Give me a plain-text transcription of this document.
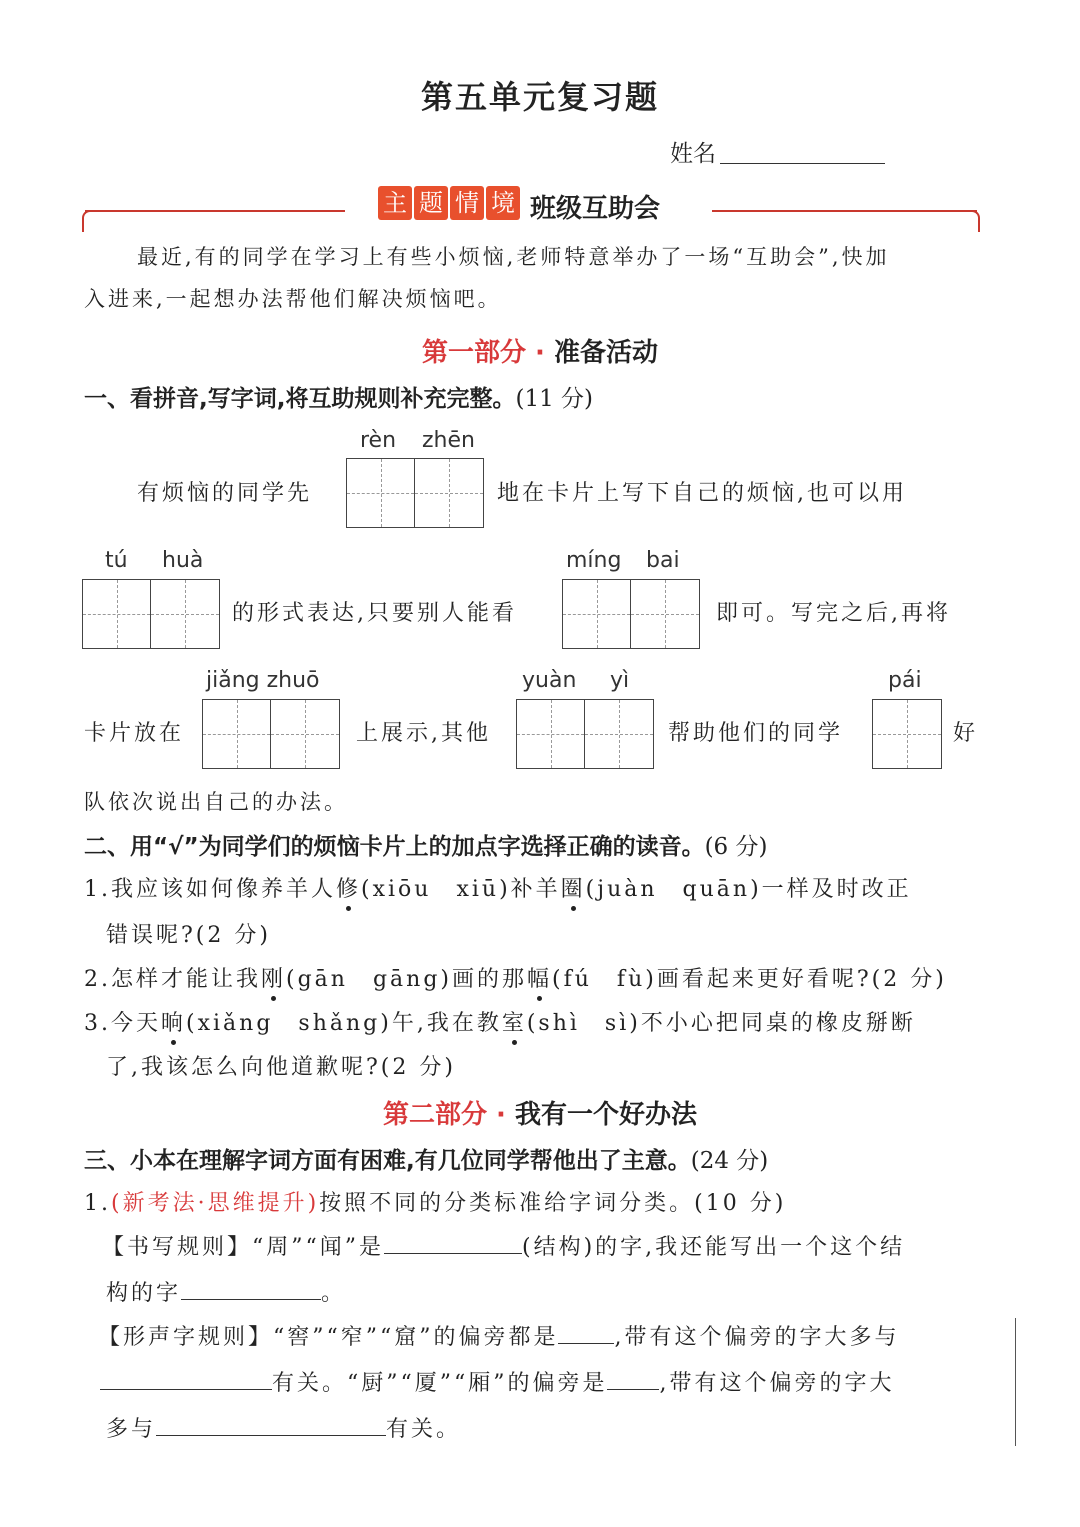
第五单元复习题
姓名
主 题 情 境 班级互助会
最近,有的同学在学习上有些小烦恼,老师特意举办了一场“互助会”,快加
入进来,一起想办法帮他们解决烦恼吧。
第一部分 · 准备活动
一、看拼音,写字词,将互助规则补充完整。(11 分)
rèn zhēn
有烦恼的同学先	地在卡片上写下自己的烦恼,也可以用
tú huà
的形式表达,只要别人能看
míng bai
即可。写完之后,再将
卡片放在
jiǎng zhuō
上展示,其他
yuàn yì
帮助他们的同学
pái
好
队依次说出自己的办法。
二、用“√”为同学们的烦恼卡片上的加点字选择正确的读音。(6 分)
1.我应该如何像养羊人修(xiōu　xiū)补羊圈(juàn　quān)一样及时改正
错误呢?(2 分)
2.怎样才能让我刚(gān　gāng)画的那幅(fú　fù)画看起来更好看呢?(2 分)
3.今天晌(xiǎng　shǎng)午,我在教室(shì　sì)不小心把同桌的橡皮掰断
了,我该怎么向他道歉呢?(2 分)
第二部分 · 我有一个好办法
三、小本在理解字词方面有困难,有几位同学帮他出了主意。(24 分)
1.(新考法·思维提升)按照不同的分类标准给字词分类。(10 分)
【书写规则】“周”“闻”是	(结构)的字,我还能写出一个这个结
构的字	。
【形声字规则】“窖”“窄”“窟”的偏旁都是	,带有这个偏旁的字大多与
有关。“厨”“厦”“厢”的偏旁是 ,带有这个偏旁的字大
多与	有关。
